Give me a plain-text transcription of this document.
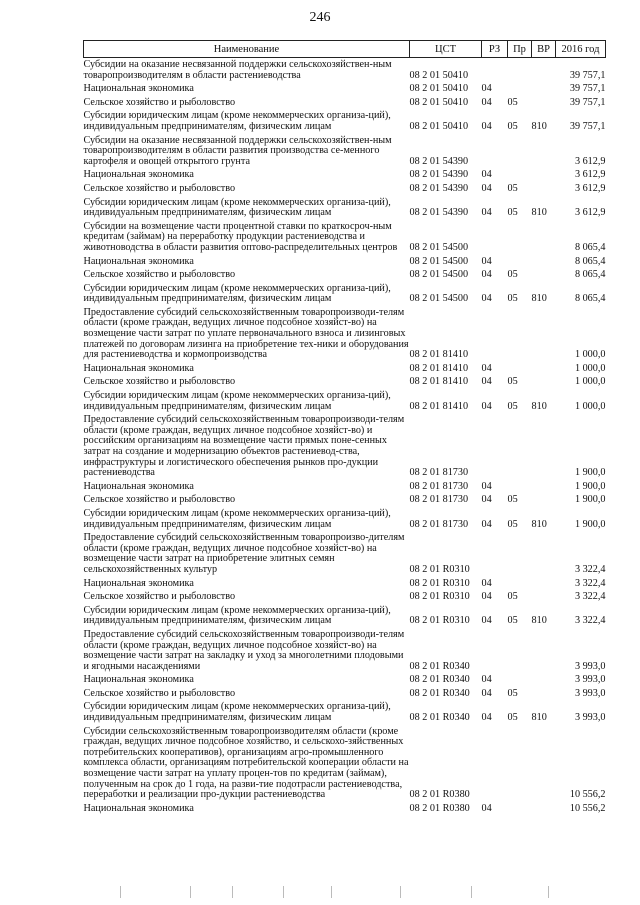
246
Наименование	ЦСТ	РЗ	Пр	ВР	2016 год
Субсидии на оказание несвязанной поддержки сельскохозяйствен-ным товаропроизводителям в области растениеводства	08 2 01 50410				39 757,1
Национальная экономика	08 2 01 50410	04			39 757,1
Сельское хозяйство и рыболовство	08 2 01 50410	04	05		39 757,1
Субсидии юридическим лицам (кроме некоммерческих организа-ций), индивидуальным предпринимателям, физическим лицам	08 2 01 50410	04	05	810	39 757,1
Субсидии на оказание несвязанной поддержки сельскохозяйствен-ным товаропроизводителям в области развития производства се-менного картофеля и овощей открытого грунта	08 2 01 54390				3 612,9
Национальная экономика	08 2 01 54390	04			3 612,9
Сельское хозяйство и рыболовство	08 2 01 54390	04	05		3 612,9
Субсидии юридическим лицам (кроме некоммерческих организа-ций), индивидуальным предпринимателям, физическим лицам	08 2 01 54390	04	05	810	3 612,9
Субсидии на возмещение части процентной ставки по краткосроч-ным кредитам (займам) на переработку продукции растениеводства и животноводства в области развития оптово-распределительных центров	08 2 01 54500				8 065,4
Национальная экономика	08 2 01 54500	04			8 065,4
Сельское хозяйство и рыболовство	08 2 01 54500	04	05		8 065,4
Субсидии юридическим лицам (кроме некоммерческих организа-ций), индивидуальным предпринимателям, физическим лицам	08 2 01 54500	04	05	810	8 065,4
Предоставление субсидий сельскохозяйственным товаропроизводи-телям области (кроме граждан, ведущих личное подсобное хозяйст-во) на возмещение части затрат по уплате первоначального взноса и лизинговых платежей по договорам лизинга на приобретение тех-ники и оборудования для растениеводства и кормопроизводства	08 2 01 81410				1 000,0
Национальная экономика	08 2 01 81410	04			1 000,0
Сельское хозяйство и рыболовство	08 2 01 81410	04	05		1 000,0
Субсидии юридическим лицам (кроме некоммерческих организа-ций), индивидуальным предпринимателям, физическим лицам	08 2 01 81410	04	05	810	1 000,0
Предоставление субсидий сельскохозяйственным товаропроизводи-телям области (кроме граждан, ведущих личное подсобное хозяйст-во) и российским организациям на возмещение части прямых поне-сенных затрат на создание и модернизацию объектов растениевод-ства, инфраструктуры и логистического обеспечения рынков про-дукции растениеводства	08 2 01 81730				1 900,0
Национальная экономика	08 2 01 81730	04			1 900,0
Сельское хозяйство и рыболовство	08 2 01 81730	04	05		1 900,0
Субсидии юридическим лицам (кроме некоммерческих организа-ций), индивидуальным предпринимателям, физическим лицам	08 2 01 81730	04	05	810	1 900,0
Предоставление субсидий сельскохозяйственным товаропроизво-дителям области (кроме граждан, ведущих личное подсобное хозяйст-во) на возмещение части затрат на приобретение элитных семян сельскохозяйственных культур	08 2 01 R0310				3 322,4
Национальная экономика	08 2 01 R0310	04			3 322,4
Сельское хозяйство и рыболовство	08 2 01 R0310	04	05		3 322,4
Субсидии юридическим лицам (кроме некоммерческих организа-ций), индивидуальным предпринимателям, физическим лицам	08 2 01 R0310	04	05	810	3 322,4
Предоставление субсидий сельскохозяйственным товаропроизводи-телям области (кроме граждан, ведущих личное подсобное хозяйст-во) на возмещение части затрат на закладку и уход за многолетними плодовыми и ягодными насаждениями	08 2 01 R0340				3 993,0
Национальная экономика	08 2 01 R0340	04			3 993,0
Сельское хозяйство и рыболовство	08 2 01 R0340	04	05		3 993,0
Субсидии юридическим лицам (кроме некоммерческих организа-ций), индивидуальным предпринимателям, физическим лицам	08 2 01 R0340	04	05	810	3 993,0
Субсидии сельскохозяйственным товаропроизводителям области (кроме граждан, ведущих личное подсобное хозяйство, и сельскохо-зяйственных потребительских кооперативов), организациям агро-промышленного комплекса области, организациям потребительской кооперации области на возмещение части затрат на уплату процен-тов по кредитам (займам), полученным на срок до 1 года, на разви-тие подотрасли растениеводства, переработки и реализации про-дукции растениеводства	08 2 01 R0380				10 556,2
Национальная экономика	08 2 01 R0380	04			10 556,2
